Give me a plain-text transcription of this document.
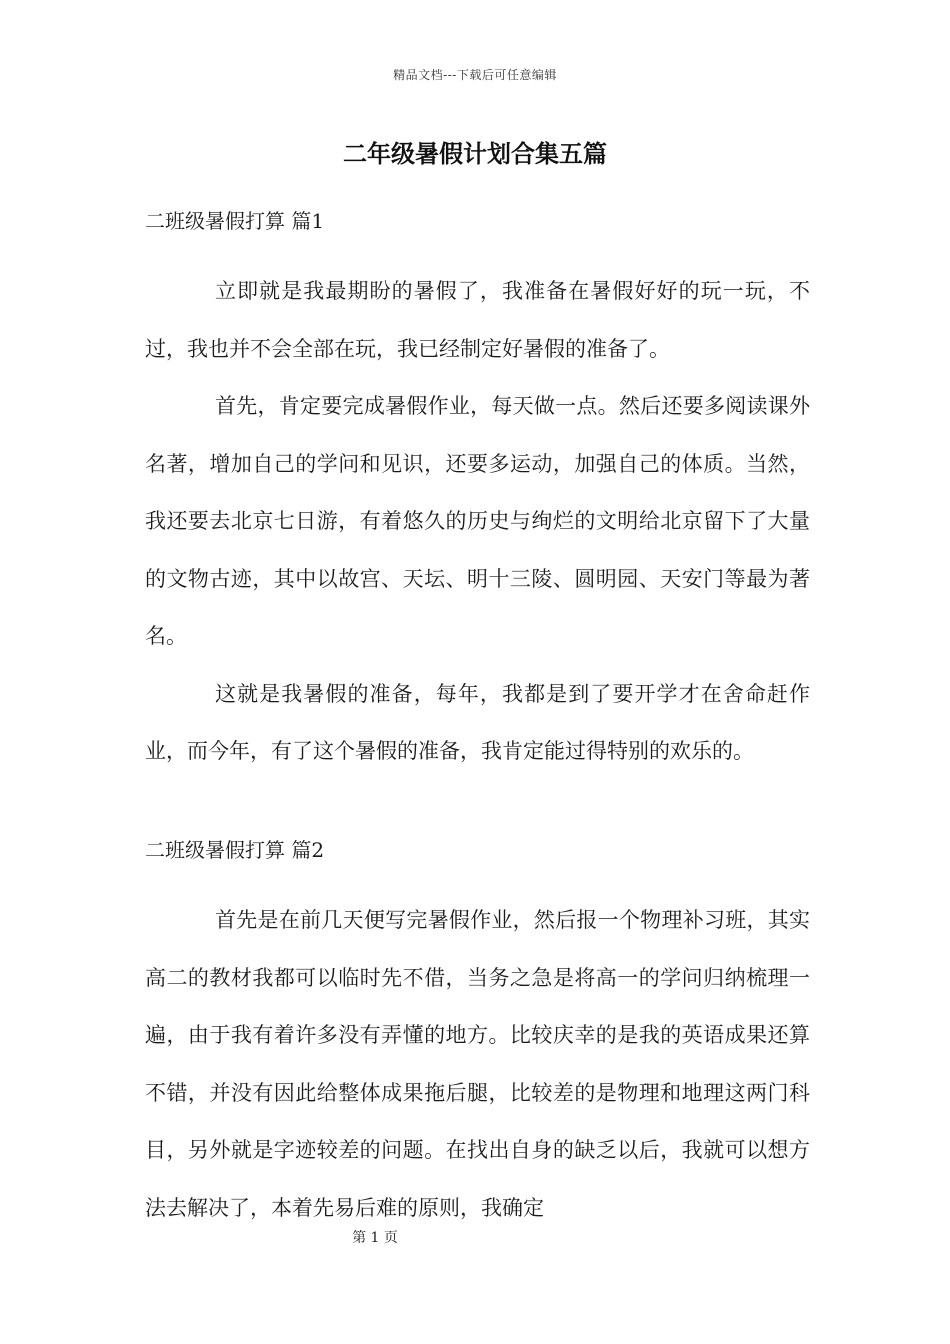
精品文档---下载后可任意编辑
二年级暑假计划合集五篇
二班级暑假打算 篇1

立即就是我最期盼的暑假了，我准备在暑假好好的玩一玩，不过，我也并不会全部在玩，我已经制定好暑假的准备了。

首先，肯定要完成暑假作业，每天做一点。然后还要多阅读课外名著，增加自己的学问和见识，还要多运动，加强自己的体质。当然，我还要去北京七日游，有着悠久的历史与绚烂的文明给北京留下了大量的文物古迹，其中以故宫、天坛、明十三陵、圆明园、天安门等最为著名。

这就是我暑假的准备，每年，我都是到了要开学才在舍命赶作业，而今年，有了这个暑假的准备，我肯定能过得特别的欢乐的。

二班级暑假打算 篇2

首先是在前几天便写完暑假作业，然后报一个物理补习班，其实高二的教材我都可以临时先不借，当务之急是将高一的学问归纳梳理一遍，由于我有着许多没有弄懂的地方。比较庆幸的是我的英语成果还算不错，并没有因此给整体成果拖后腿，比较差的是物理和地理这两门科目，另外就是字迹较差的问题。在找出自身的缺乏以后，我就可以想方法去解决了，本着先易后难的原则，我确定

第 1 页
